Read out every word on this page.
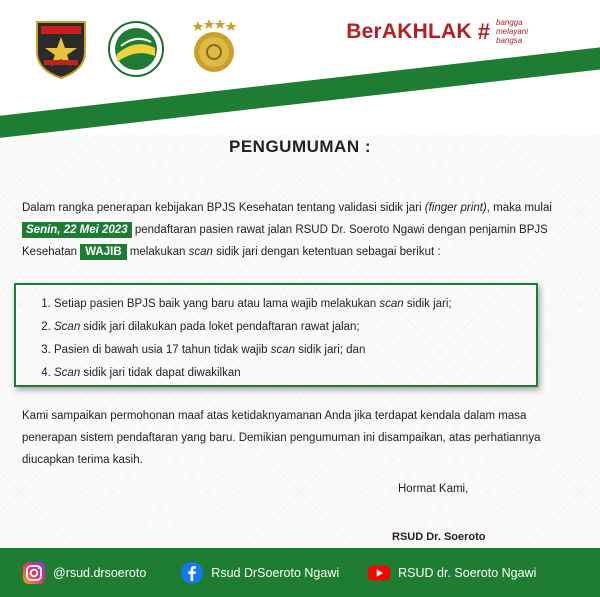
BerAKHLAK # bangga melayani bangsa
PENGUMUMAN :
Dalam rangka penerapan kebijakan BPJS Kesehatan tentang validasi sidik jari (finger print), maka mulai Senin, 22 Mei 2023 pendaftaran pasien rawat jalan RSUD Dr. Soeroto Ngawi dengan penjamin BPJS Kesehatan WAJIB melakukan scan sidik jari dengan ketentuan sebagai berikut :
1. Setiap pasien BPJS baik yang baru atau lama wajib melakukan scan sidik jari;
2. Scan sidik jari dilakukan pada loket pendaftaran rawat jalan;
3. Pasien di bawah usia 17 tahun tidak wajib scan sidik jari; dan
4. Scan sidik jari tidak dapat diwakilkan
Kami sampaikan permohonan maaf atas ketidaknyamanan Anda jika terdapat kendala dalam masa penerapan sistem pendaftaran yang baru. Demikian pengumuman ini disampaikan, atas perhatiannya diucapkan terima kasih.
Hormat Kami,
RSUD Dr. Soeroto
@rsud.drsoeroto	Rsud DrSoeroto Ngawi	RSUD dr. Soeroto Ngawi
